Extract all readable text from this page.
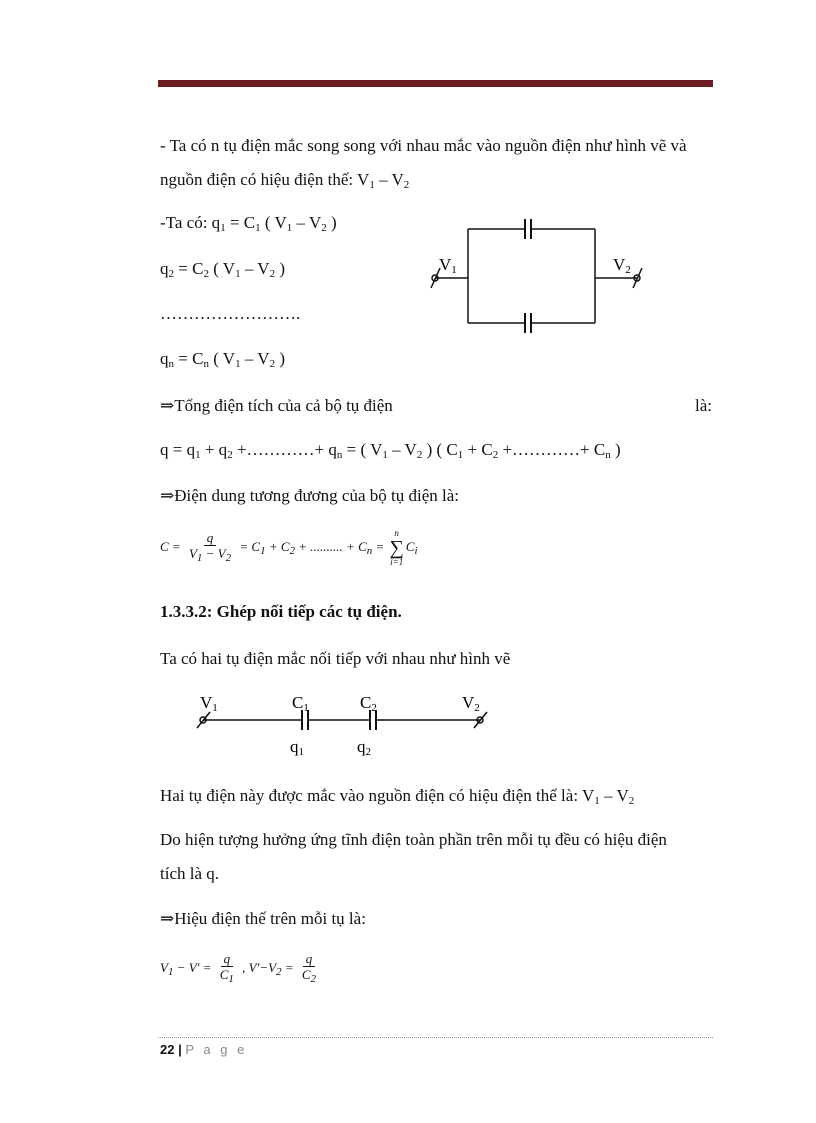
- Ta có n tụ điện mắc song song với nhau mắc vào nguồn điện như hình vẽ và
nguồn điện có hiệu điện thế: $V_1 - V_2$
-Ta có: $q_1 = C_1$ ( $V_1 - V_2$ )
$q_2 = C_2$ ( $V_1 - V_2$ )
…………………….
$q_n = C_n$ ( $V_1 - V_2$ )
V1	V2
⇒Tổng điện tích của cả bộ tụ điện	là:
$q = q_1 + q_2$ +…………+ $q_n$ = ( $V_1 - V_2$ ) ( $C_1 + C_2$ +…………+ $C_n$ )
⇒Điện dung tương đương của bộ tụ điện là:
$C = \frac{q}{V_1 - V_2} = C_1 + C_2$ + .......... + $C_n$ =
n
∑
i=1
$C_i$
1.3.3.2: Ghép nối tiếp các tụ điện.
Ta có hai tụ điện mắc nối tiếp với nhau như hình vẽ
V1	C1	C2	V2
q1	q2
Hai tụ điện này được mắc vào nguồn điện có hiệu điện thế là: $V_1 - V_2$
Do hiện tượng hưởng ứng tĩnh điện toàn phần trên mỗi tụ đều có hiệu điện
tích là q.
⇒Hiệu điện thế trên mỗi tụ là:
$V_1 - V' = \frac{q}{C_1}$ , $V'-V_2 = \frac{q}{C_2}$
22 | P a g e
